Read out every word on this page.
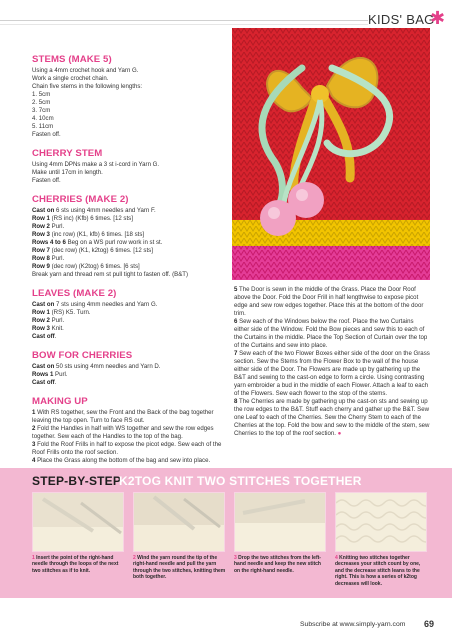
KIDS' BAG
✱
STEMS (MAKE 5)
Using a 4mm crochet hook and Yarn G.
Work a single crochet chain.
Chain five stems in the following lengths:
1. 5cm
2. 5cm
3. 7cm
4. 10cm
5. 11cm
Fasten off.
CHERRY STEM
Using 4mm DPNs make a 3 st i-cord in Yarn G.
Make until 17cm in length.
Fasten off.
CHERRIES (MAKE 2)
Cast on 6 sts using 4mm needles and Yarn F.
Row 1 (RS inc) (Kfb) 6 times. [12 sts]
Row 2 Purl.
Row 3 (inc row) (K1, kfb) 6 times. [18 sts]
Rows 4 to 6 Beg on a WS purl row work in st st.
Row 7 (dec row) (K1, k2tog) 6 times. [12 sts]
Row 8 Purl.
Row 9 (dec row) (K2tog) 6 times. [6 sts]
Break yarn and thread rem st pull tight to fasten off. (B&T)
LEAVES (MAKE 2)
Cast on 7 sts using 4mm needles and Yarn G.
Row 1 (RS) K5. Turn.
Row 2 Purl.
Row 3 Knit.
Cast off.
BOW FOR CHERRIES
Cast on 50 sts using 4mm needles and Yarn D.
Rows 1 Purl.
Cast off.
MAKING UP
1 With RS together, sew the Front and the Back of the bag together leaving the top open. Turn to face RS out.
2 Fold the Handles in half with WS together and sew the row edges together. Sew each of the Handles to the top of the bag.
3 Fold the Roof Frills in half to expose the picot edge. Sew each of the Roof Frills onto the roof section.
4 Place the Grass along the bottom of the bag and sew into place.
5 The Door is sewn in the middle of the Grass. Place the Door Roof above the Door. Fold the Door Frill in half lengthwise to expose picot edge and sew row edges together. Place this at the bottom of the door trim.
6 Sew each of the Windows below the roof. Place the two Curtains either side of the Window. Fold the Bow pieces and sew this to each of the Curtains in the middle. Place the Top Section of Curtain over the top of the Curtains and sew into place.
7 Sew each of the two Flower Boxes either side of the door on the Grass section. Sew the Stems from the Flower Box to the wall of the house either side of the Door. The Flowers are made up by gathering up the B&T and sewing to the cast-on edge to form a circle. Using contrasting yarn embroider a bud in the middle of each Flower. Attach a leaf to each of the Flowers. Sew each flower to the stop of the stems.
8 The Cherries are made by gathering up the cast-on sts and sewing up the row edges to the B&T. Stuff each cherry and gather up the B&T. Sew one Leaf to each of the Cherries. Sew the Cherry Stem to each of the Cherries at the top. Fold the bow and sew to the middle of the stem, sew Cherries to the top of the roof section. ●
STEP-BY-STEP
K2TOG KNIT TWO STITCHES TOGETHER
1 Insert the point of the right-hand needle through the loops of the next two stitches as if to knit.
2 Wind the yarn round the tip of the right-hand needle and pull the yarn through the two stitches, knitting them both together.
3 Drop the two stitches from the left-hand needle and keep the new stitch on the right-hand needle.
4 Knitting two stitches together decreases your stitch count by one, and the decrease stitch leans to the right. This is how a series of k2tog decreases will look.
Subscribe at www.simply-yarn.com 69
